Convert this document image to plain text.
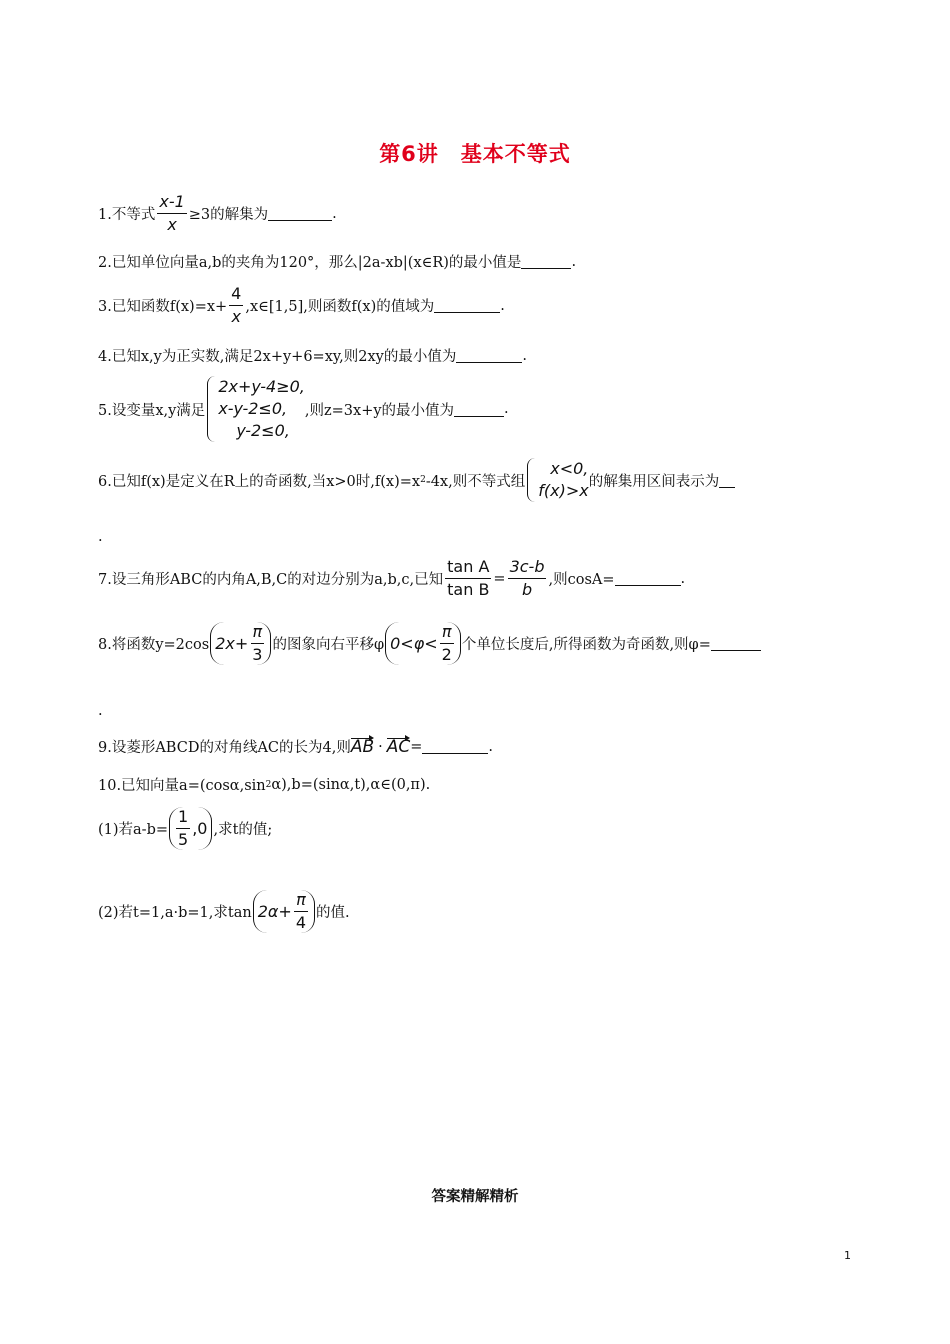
第6讲　基本不等式
1.不等式 $\frac{x-1}{x} \ge 3$的解集为	.
2.已知单位向量a,b的夹角为120°，那么|2a-xb|(x∈R)的最小值是	.
3.已知函数$f(x)=x+ \frac{4}{x}$ ,x∈[1,5],则函数f(x)的值域为	.
4.已知x,y为正实数,满足2x+y+6=xy,则2xy的最小值为	.
5.设变量x,y满足
2x+y-4≥0,
x-y-2≤0,
y-2≤0,
,则z=3x+y的最小值为	.
6.已知f(x)是定义在R上的奇函数,当x>0时,f(x)=x 2 -4x,则不等式组
x<0,
f(x)>x 的解集用区间表示为
.
7.设三角形ABC的内角A,B,C的对边分别为a,b,c,已知 $\frac{\text{tan A}}{\text{tan B}} = \frac{3c-b}{b}$ ,则cosA=	.
8.将函数y=2cos $2x+ \frac{\pi}{3}$ 的图象向右平移φ $0<\varphi< \frac{\pi}{2}$ 个单位长度后,所得函数为奇函数,则φ=
.
9.设菱形ABCD的对角线AC的长为4,则 AB · AC =	.
10.已知向量a=(cosα,sin 2 α),b=(sinα,t),α∈(0,π).
(1)若$a-b= \frac{1}{5} ,0$ ,求t的值;
(2)若t=1,a·b=1,求$\tan 2\alpha+ \frac{\pi}{4}$ 的值.
答案精解精析
1
